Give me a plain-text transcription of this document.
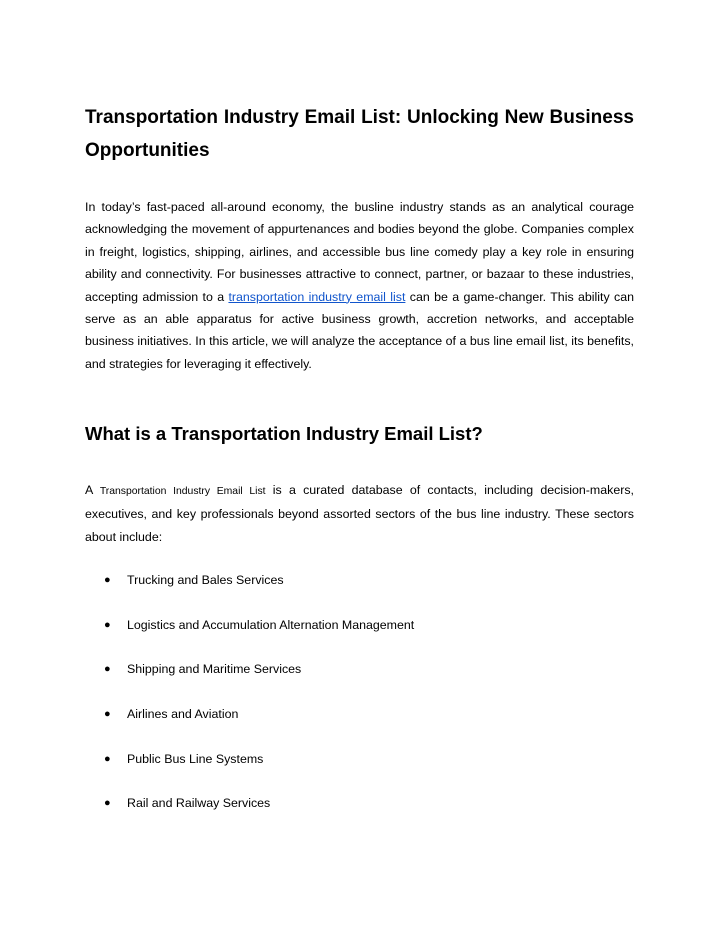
Transportation Industry Email List: Unlocking New Business Opportunities

In today’s fast-paced all-around economy, the busline industry stands as an analytical courage acknowledging the movement of appurtenances and bodies beyond the globe. Companies complex in freight, logistics, shipping, airlines, and accessible bus line comedy play a key role in ensuring ability and connectivity. For businesses attractive to connect, partner, or bazaar to these industries, accepting admission to a transportation industry email list can be a game-changer. This ability can serve as an able apparatus for active business growth, accretion networks, and acceptable business initiatives. In this article, we will analyze the acceptance of a bus line email list, its benefits, and strategies for leveraging it effectively.

What is a Transportation Industry Email List?

A Transportation Industry Email List is a curated database of contacts, including decision-makers, executives, and key professionals beyond assorted sectors of the bus line industry. These sectors about include:

● Trucking and Bales Services
● Logistics and Accumulation Alternation Management
● Shipping and Maritime Services
● Airlines and Aviation
● Public Bus Line Systems
● Rail and Railway Services
